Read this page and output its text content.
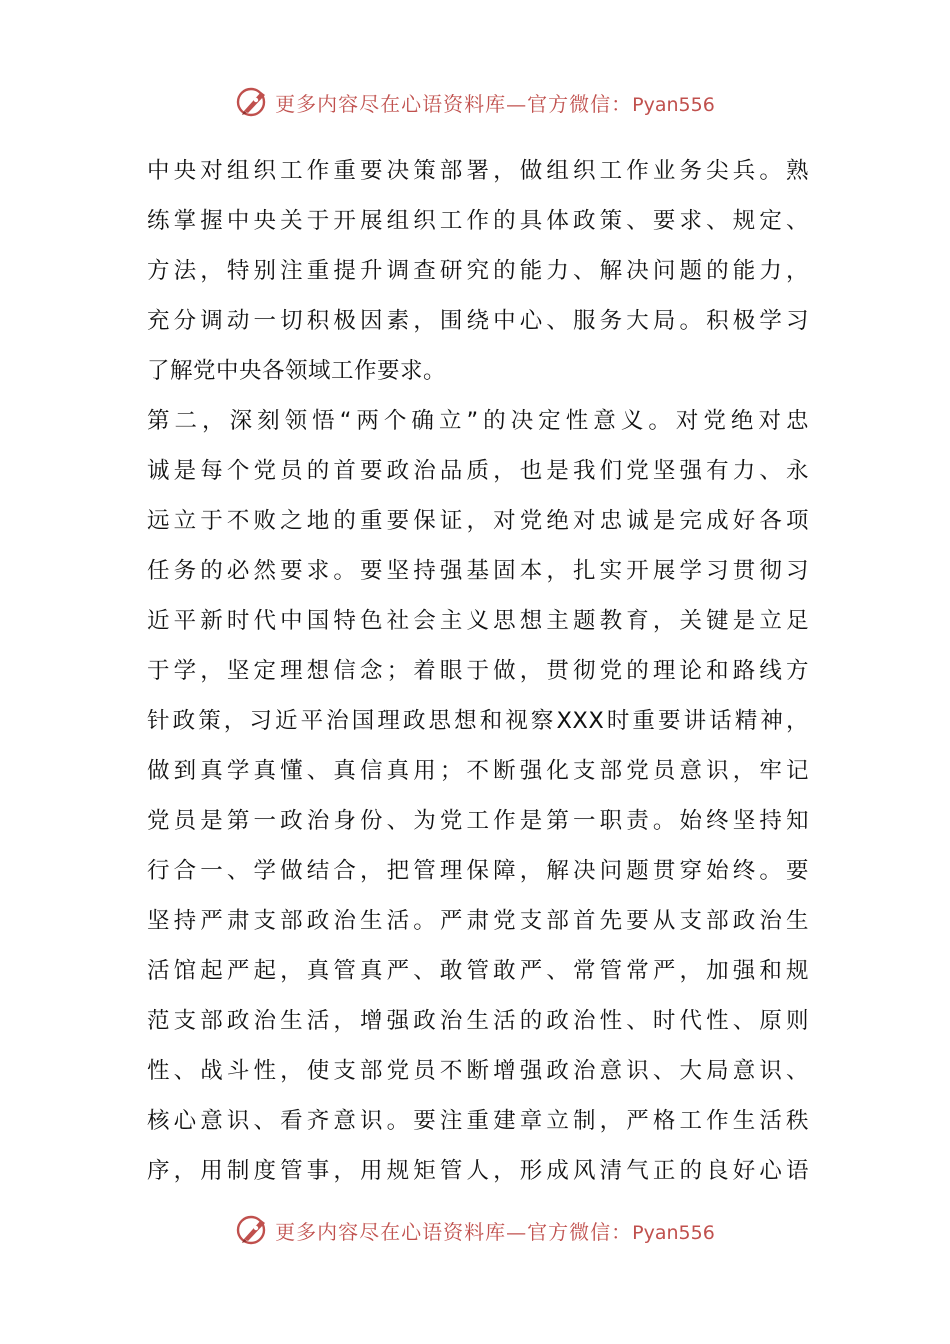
更多内容尽在心语资料库—官方微信：Pyan556
中央对组织工作重要决策部署，做组织工作业务尖兵。熟
练掌握中央关于开展组织工作的具体政策、要求、规定、
方法，特别注重提升调查研究的能力、解决问题的能力，
充分调动一切积极因素，围绕中心、服务大局。积极学习
了解党中央各领域工作要求。
第二，深刻领悟“两个确立”的决定性意义。对党绝对忠
诚是每个党员的首要政治品质，也是我们党坚强有力、永
远立于不败之地的重要保证，对党绝对忠诚是完成好各项
任务的必然要求。要坚持强基固本，扎实开展学习贯彻习
近平新时代中国特色社会主义思想主题教育，关键是立足
于学，坚定理想信念；着眼于做，贯彻党的理论和路线方
针政策，习近平治国理政思想和视察XXX时重要讲话精神，
做到真学真懂、真信真用；不断强化支部党员意识，牢记
党员是第一政治身份、为党工作是第一职责。始终坚持知
行合一、学做结合，把管理保障，解决问题贯穿始终。要
坚持严肃支部政治生活。严肃党支部首先要从支部政治生
活馆起严起，真管真严、敢管敢严、常管常严，加强和规
范支部政治生活，增强政治生活的政治性、时代性、原则
性、战斗性，使支部党员不断增强政治意识、大局意识、
核心意识、看齐意识。要注重建章立制，严格工作生活秩
序，用制度管事，用规矩管人，形成风清气正的良好心语
更多内容尽在心语资料库—官方微信：Pyan556
